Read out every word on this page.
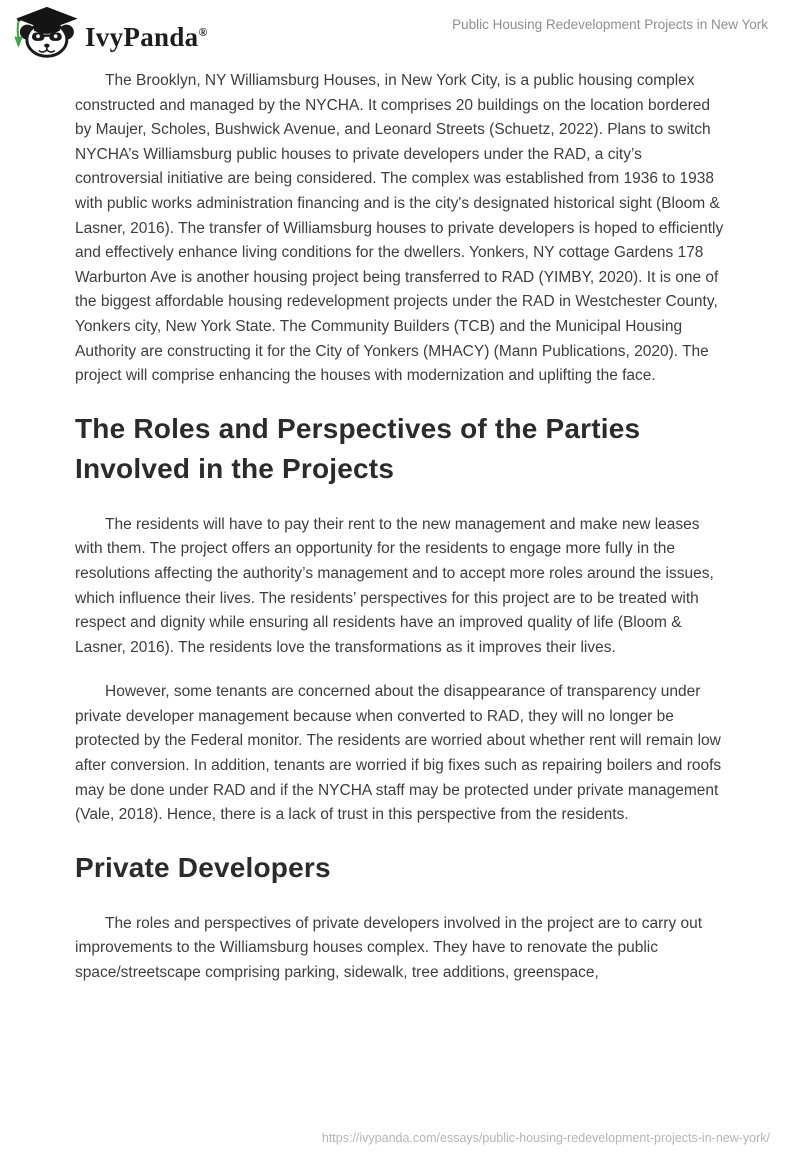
IvyPanda®	Public Housing Redevelopment Projects in New York

The Brooklyn, NY Williamsburg Houses, in New York City, is a public housing complex constructed and managed by the NYCHA. It comprises 20 buildings on the location bordered by Maujer, Scholes, Bushwick Avenue, and Leonard Streets (Schuetz, 2022). Plans to switch NYCHA’s Williamsburg public houses to private developers under the RAD, a city’s controversial initiative are being considered. The complex was established from 1936 to 1938 with public works administration financing and is the city's designated historical sight (Bloom & Lasner, 2016). The transfer of Williamsburg houses to private developers is hoped to efficiently and effectively enhance living conditions for the dwellers. Yonkers, NY cottage Gardens 178 Warburton Ave is another housing project being transferred to RAD (YIMBY, 2020). It is one of the biggest affordable housing redevelopment projects under the RAD in Westchester County, Yonkers city, New York State. The Community Builders (TCB) and the Municipal Housing Authority are constructing it for the City of Yonkers (MHACY) (Mann Publications, 2020). The project will comprise enhancing the houses with modernization and uplifting the face.

The Roles and Perspectives of the Parties Involved in the Projects

The residents will have to pay their rent to the new management and make new leases with them. The project offers an opportunity for the residents to engage more fully in the resolutions affecting the authority’s management and to accept more roles around the issues, which influence their lives. The residents’ perspectives for this project are to be treated with respect and dignity while ensuring all residents have an improved quality of life (Bloom & Lasner, 2016). The residents love the transformations as it improves their lives.

However, some tenants are concerned about the disappearance of transparency under private developer management because when converted to RAD, they will no longer be protected by the Federal monitor. The residents are worried about whether rent will remain low after conversion. In addition, tenants are worried if big fixes such as repairing boilers and roofs may be done under RAD and if the NYCHA staff may be protected under private management (Vale, 2018). Hence, there is a lack of trust in this perspective from the residents.

Private Developers

The roles and perspectives of private developers involved in the project are to carry out improvements to the Williamsburg houses complex. They have to renovate the public space/streetscape comprising parking, sidewalk, tree additions, greenspace,

https://ivypanda.com/essays/public-housing-redevelopment-projects-in-new-york/
